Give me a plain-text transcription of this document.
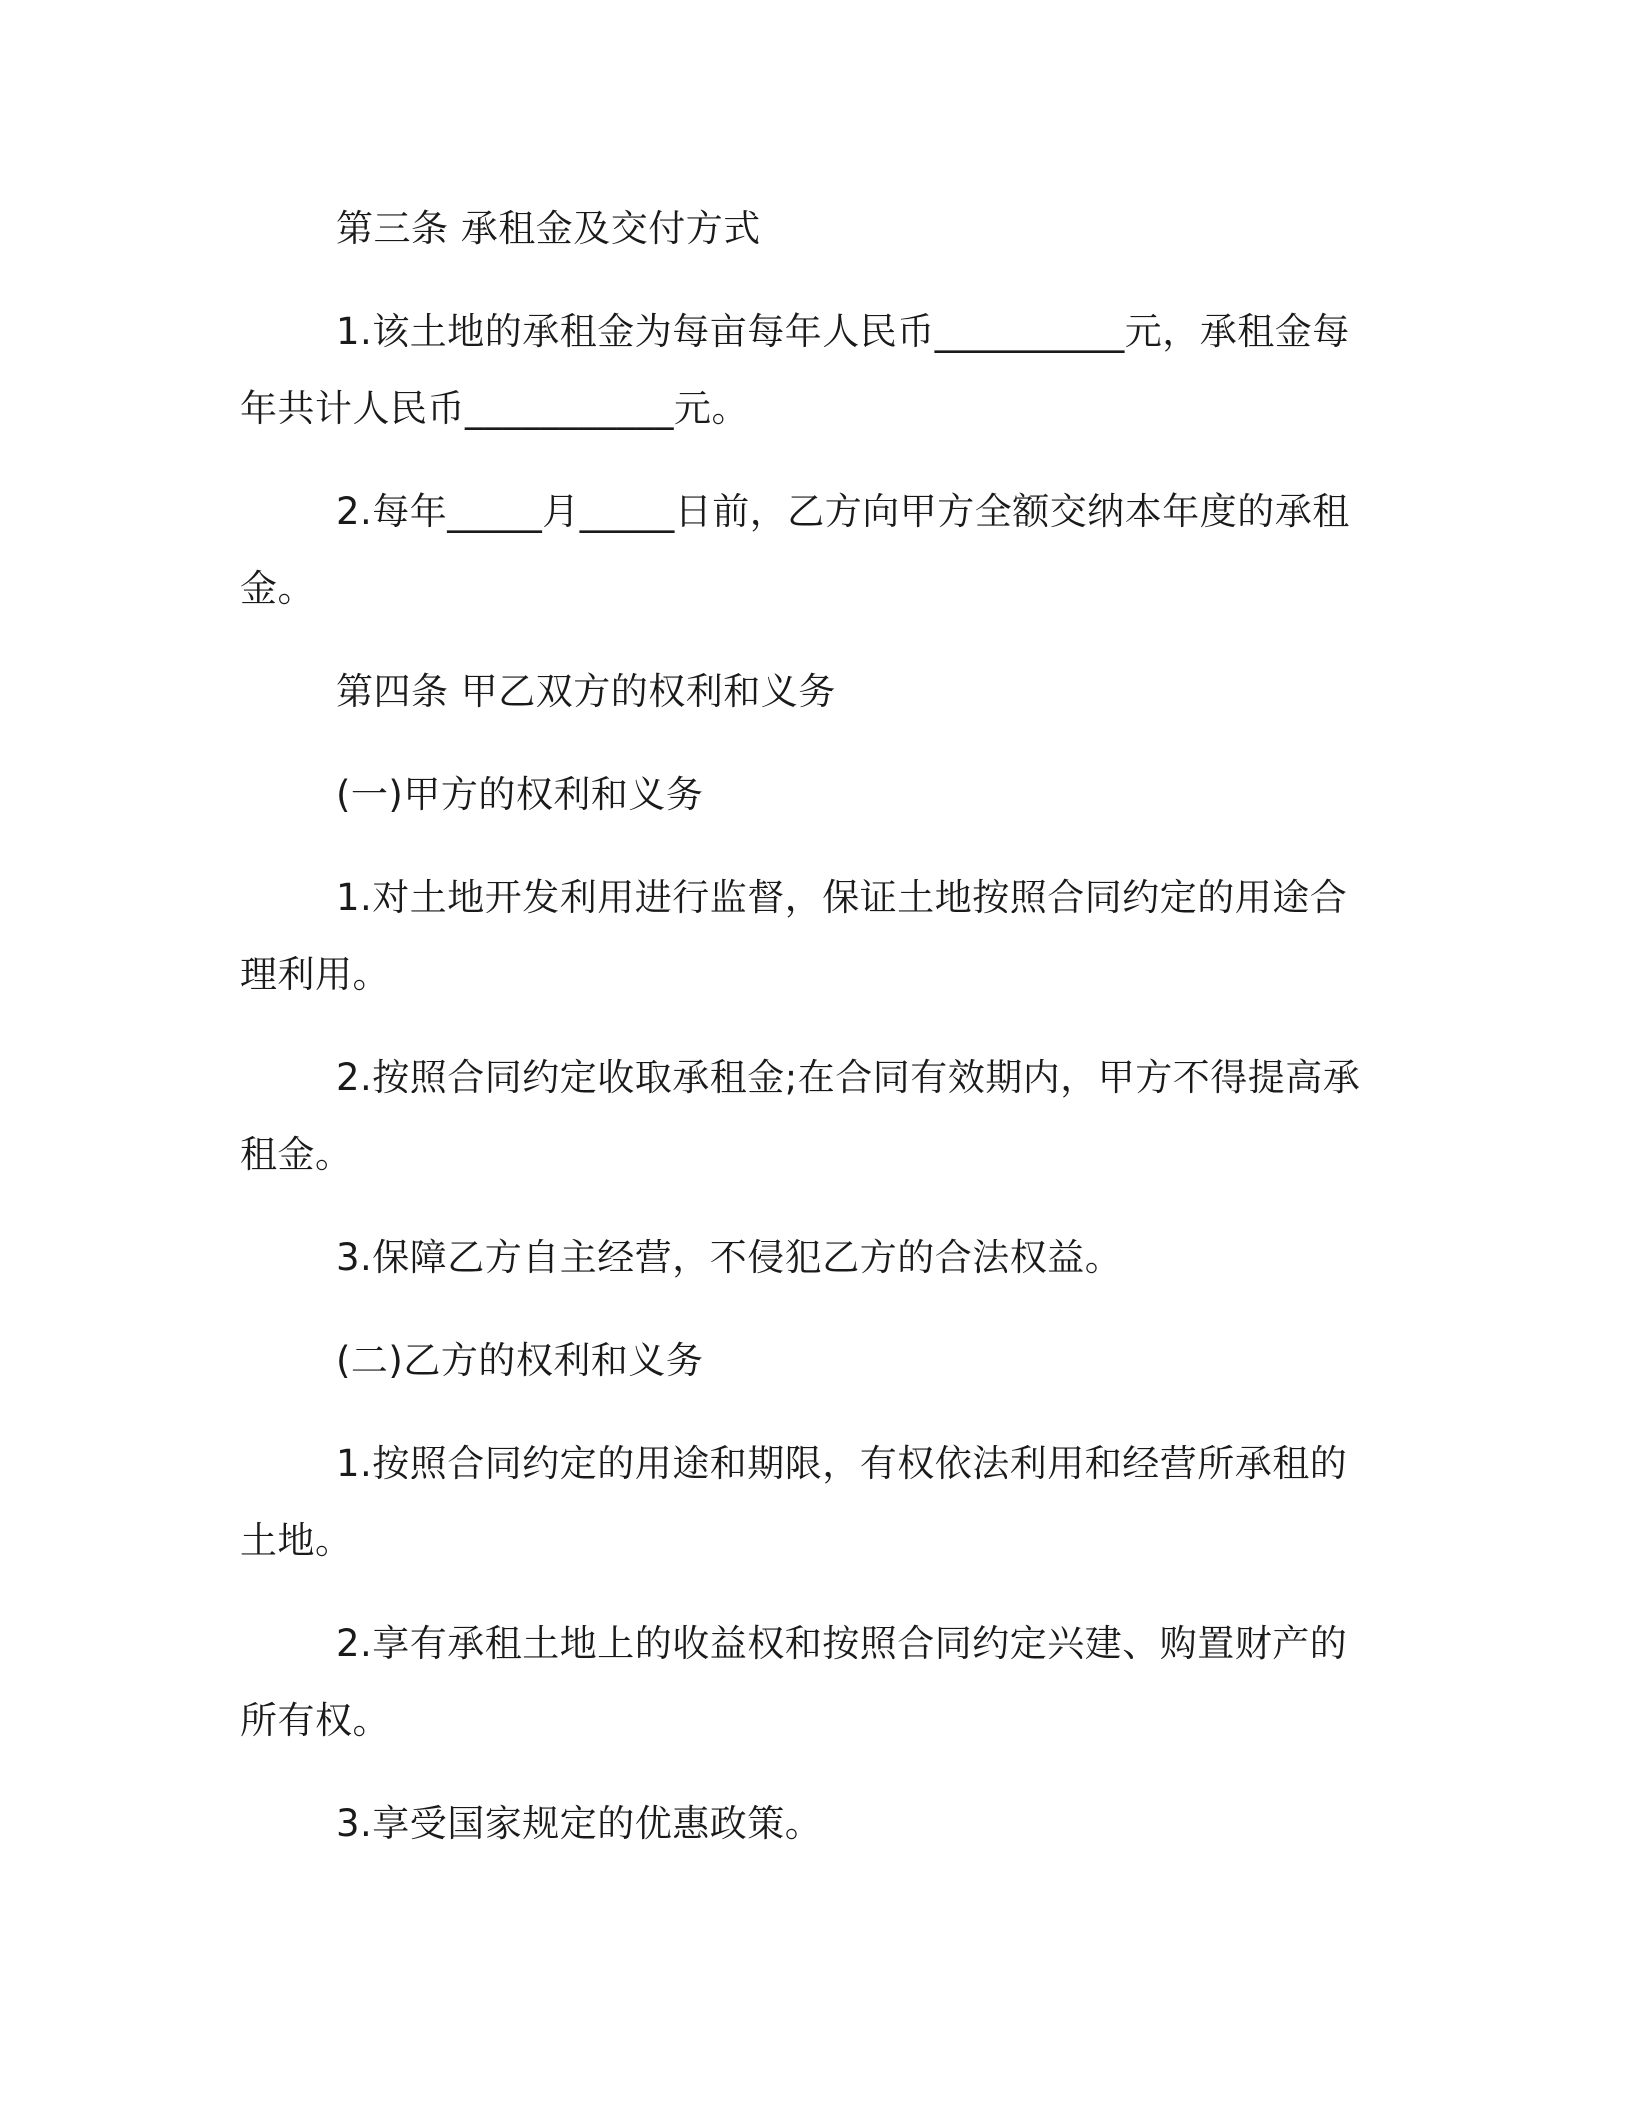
第三条 承租金及交付方式

1.该土地的承租金为每亩每年人民币__________元，承租金每年共计人民币___________元。

2.每年_____月_____日前，乙方向甲方全额交纳本年度的承租金。

第四条 甲乙双方的权利和义务

(一)甲方的权利和义务

1.对土地开发利用进行监督，保证土地按照合同约定的用途合理利用。

2.按照合同约定收取承租金;在合同有效期内，甲方不得提高承租金。

3.保障乙方自主经营，不侵犯乙方的合法权益。

(二)乙方的权利和义务

1.按照合同约定的用途和期限，有权依法利用和经营所承租的土地。

2.享有承租土地上的收益权和按照合同约定兴建、购置财产的所有权。

3.享受国家规定的优惠政策。
